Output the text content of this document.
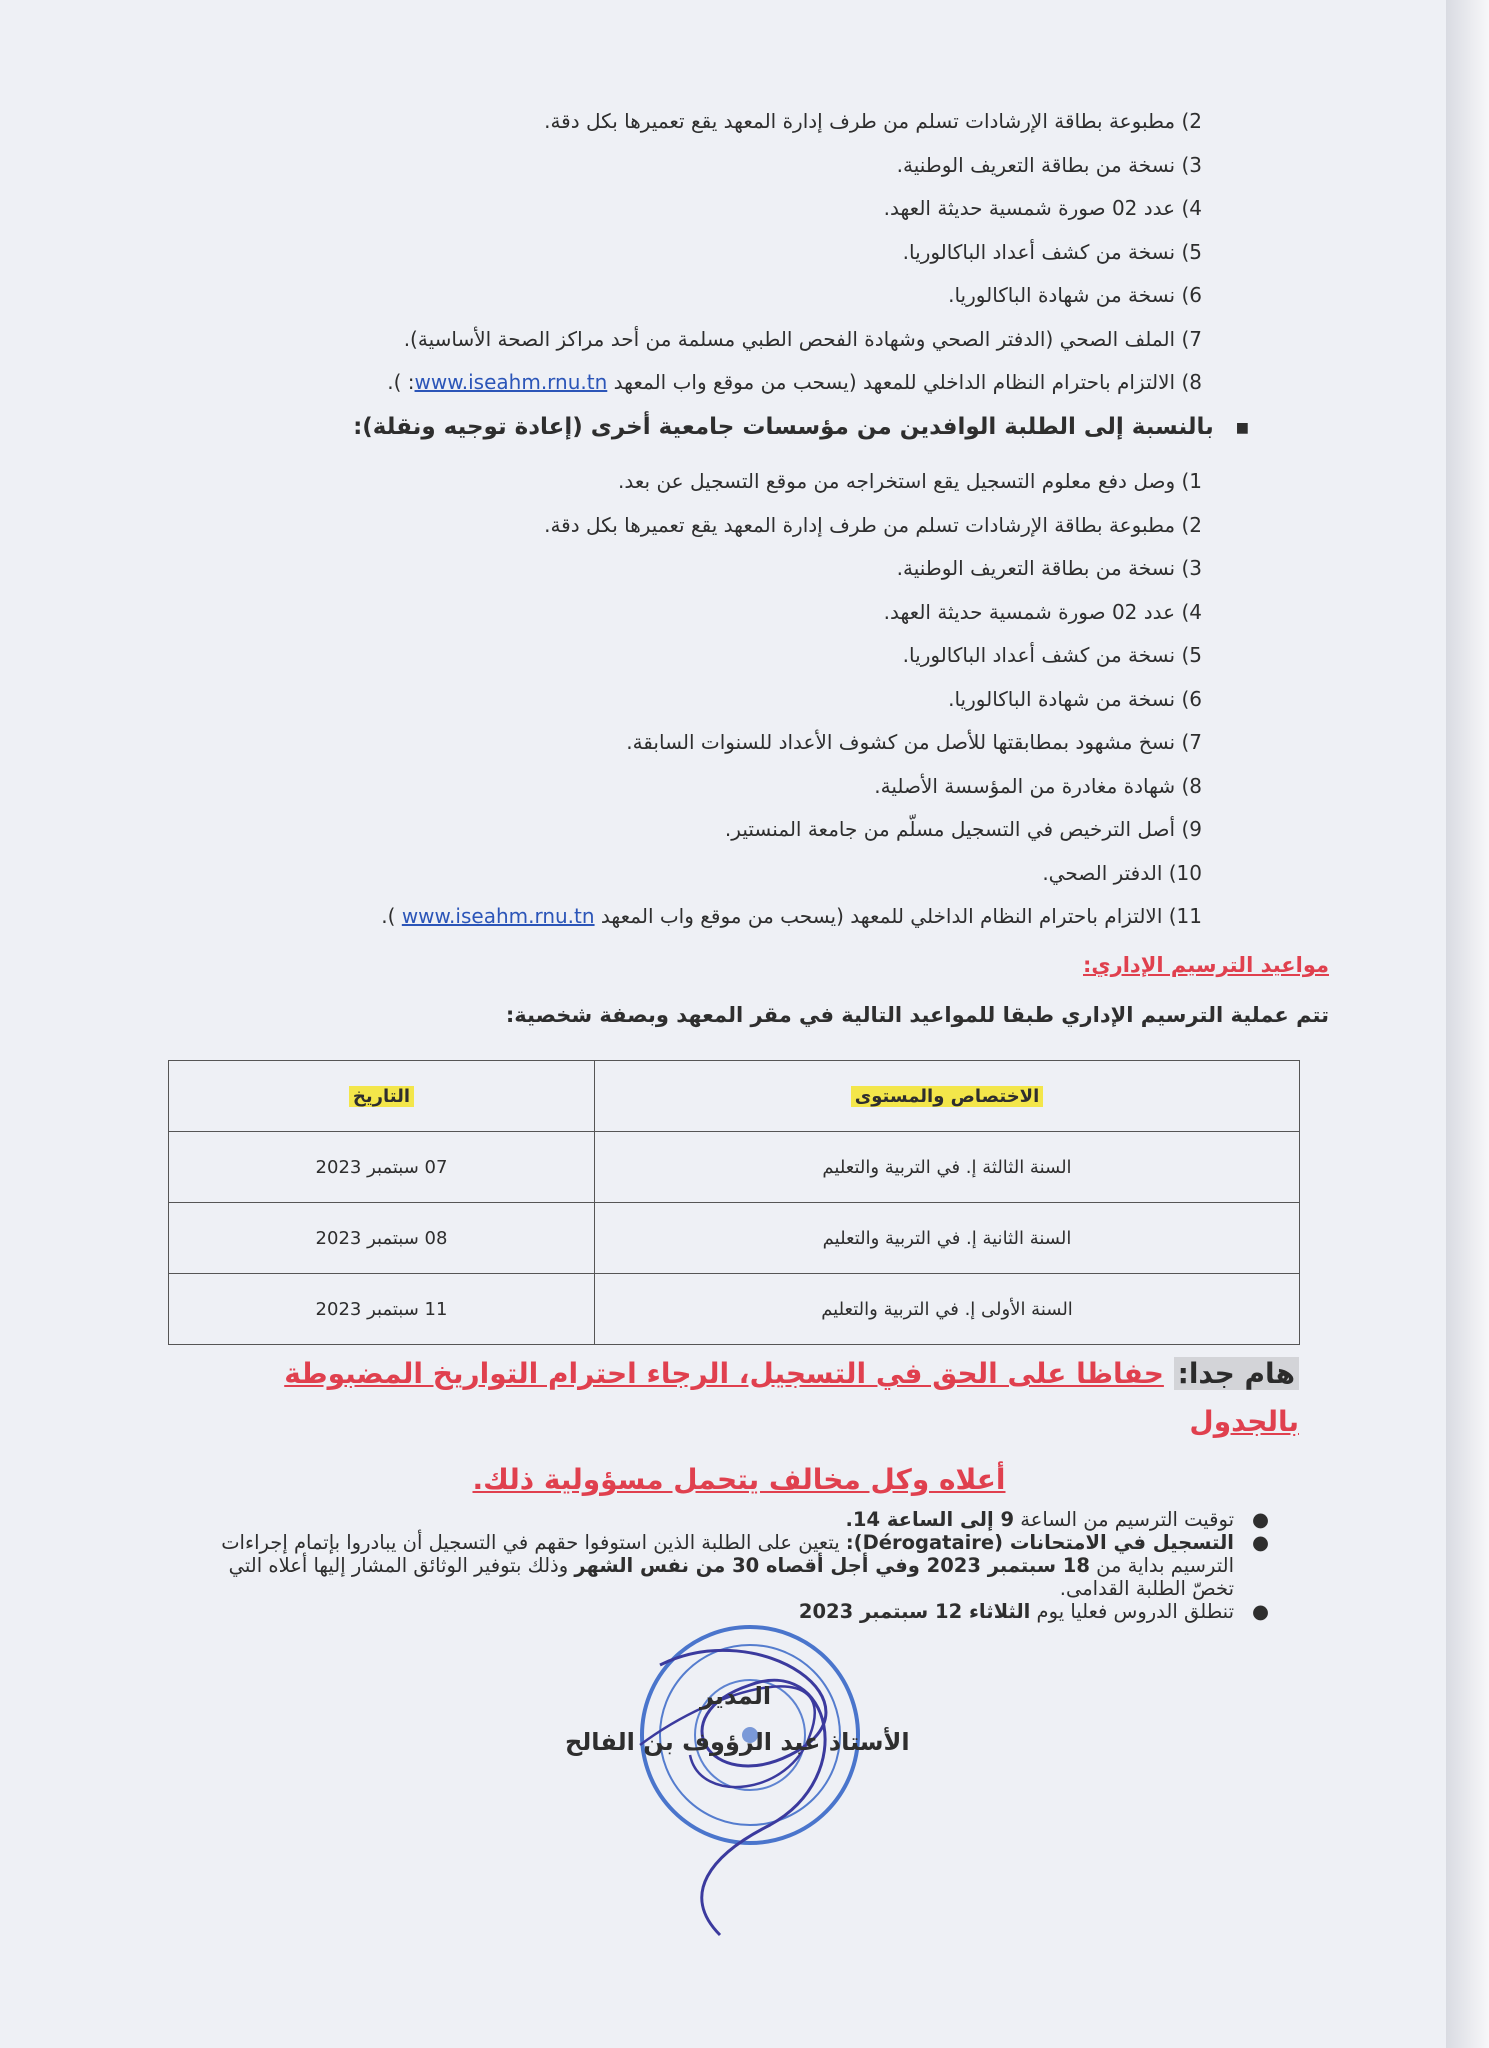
2) مطبوعة بطاقة الإرشادات تسلم من طرف إدارة المعهد يقع تعميرها بكل دقة.
3) نسخة من بطاقة التعريف الوطنية.
4) عدد 02 صورة شمسية حديثة العهد.
5) نسخة من كشف أعداد الباكالوريا.
6) نسخة من شهادة الباكالوريا.
7) الملف الصحي (الدفتر الصحي وشهادة الفحص الطبي مسلمة من أحد مراكز الصحة الأساسية).
8) الالتزام باحترام النظام الداخلي للمعهد (يسحب من موقع واب المعهد www.iseahm.rnu.tn: ).
■بالنسبة إلى الطلبة الوافدين من مؤسسات جامعية أخرى (إعادة توجيه ونقلة):
1) وصل دفع معلوم التسجيل يقع استخراجه من موقع التسجيل عن بعد.
2) مطبوعة بطاقة الإرشادات تسلم من طرف إدارة المعهد يقع تعميرها بكل دقة.
3) نسخة من بطاقة التعريف الوطنية.
4) عدد 02 صورة شمسية حديثة العهد.
5) نسخة من كشف أعداد الباكالوريا.
6) نسخة من شهادة الباكالوريا.
7) نسخ مشهود بمطابقتها للأصل من كشوف الأعداد للسنوات السابقة.
8) شهادة مغادرة من المؤسسة الأصلية.
9) أصل الترخيص في التسجيل مسلّم من جامعة المنستير.
10) الدفتر الصحي.
11) الالتزام باحترام النظام الداخلي للمعهد (يسحب من موقع واب المعهد www.iseahm.rnu.tn ).
مواعيد الترسيم الإداري:
تتم عملية الترسيم الإداري طبقا للمواعيد التالية في مقر المعهد وبصفة شخصية:
الاختصاص والمستوى	التاريخ
السنة الثالثة إ. في التربية والتعليم	07 سبتمبر 2023
السنة الثانية إ. في التربية والتعليم	08 سبتمبر 2023
السنة الأولى إ. في التربية والتعليم	11 سبتمبر 2023
هام جدا: حفاظا على الحق في التسجيل، الرجاء احترام التواريخ المضبوطة بالجدول
أعلاه وكل مخالف يتحمل مسؤولية ذلك.
●
توقيت الترسيم من الساعة 9 إلى الساعة 14.
●
التسجيل في الامتحانات (Dérogataire): يتعين على الطلبة الذين استوفوا حقهم في التسجيل أن يبادروا بإتمام إجراءات الترسيم بداية من 18 سبتمبر 2023 وفي أجل أقصاه 30 من نفس الشهر وذلك بتوفير الوثائق المشار إليها أعلاه التي تخصّ الطلبة القدامى.
●
تنطلق الدروس فعليا يوم الثلاثاء 12 سبتمبر 2023
المدير
الأستاذ عبد الرؤوف بن الفالح
